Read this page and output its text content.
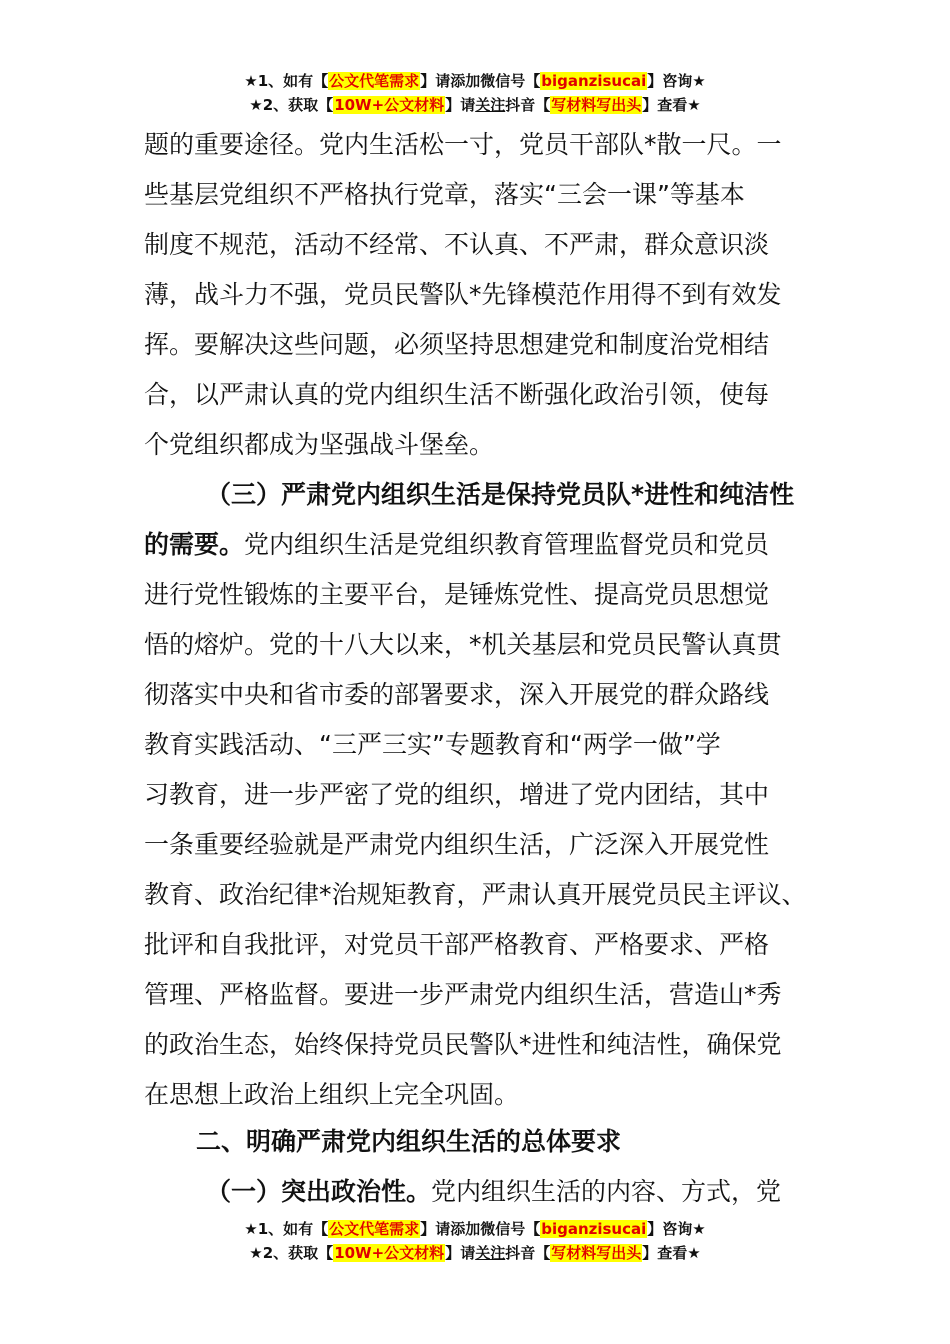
★1、如有【公文代笔需求】请添加微信号【biganzisucai】咨询★
★2、获取【10W+公文材料】请关注抖音【写材料写出头】查看★
题的重要途径。党内生活松一寸，党员干部队*散一尺。一
些基层党组织不严格执行党章，落实“三会一课”等基本
制度不规范，活动不经常、不认真、不严肃，群众意识淡
薄，战斗力不强，党员民警队*先锋模范作用得不到有效发
挥。要解决这些问题，必须坚持思想建党和制度治党相结
合，以严肃认真的党内组织生活不断强化政治引领，使每
个党组织都成为坚强战斗堡垒。
（三）严肃党内组织生活是保持党员队*进性和纯洁性
的需要。党内组织生活是党组织教育管理监督党员和党员
进行党性锻炼的主要平台，是锤炼党性、提高党员思想觉
悟的熔炉。党的十八大以来，*机关基层和党员民警认真贯
彻落实中央和省市委的部署要求，深入开展党的群众路线
教育实践活动、“三严三实”专题教育和“两学一做”学
习教育，进一步严密了党的组织，增进了党内团结，其中
一条重要经验就是严肃党内组织生活，广泛深入开展党性
教育、政治纪律*治规矩教育，严肃认真开展党员民主评议、
批评和自我批评，对党员干部严格教育、严格要求、严格
管理、严格监督。要进一步严肃党内组织生活，营造山*秀
的政治生态，始终保持党员民警队*进性和纯洁性，确保党
在思想上政治上组织上完全巩固。
二、明确严肃党内组织生活的总体要求
（一）突出政治性。党内组织生活的内容、方式，党
★1、如有【公文代笔需求】请添加微信号【biganzisucai】咨询★
★2、获取【10W+公文材料】请关注抖音【写材料写出头】查看★
